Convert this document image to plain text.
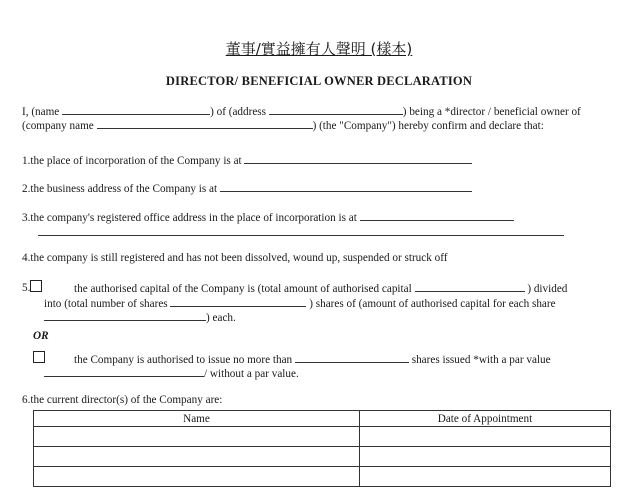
董事/實益擁有人聲明 (樣本)
DIRECTOR/ BENEFICIAL OWNER DECLARATION
I, (name	) of (address	) being a *director / beneficial owner of
(company name	) (the "Company") hereby confirm and declare that:
1.the place of incorporation of the Company is at
2.the business address of the Company is at
3.the company's registered office address in the place of incorporation is at
4.the company is still registered and has not been dissolved, wound up, suspended or struck off
5.	the authorised capital of the Company is (total amount of authorised capital	) divided
into (total number of shares	) shares of (amount of authorised capital for each share
) each.
OR
the Company is authorised to issue no more than	shares issued *with a par value
/ without a par value.
6.the current director(s) of the Company are:
Name	Date of Appointment
